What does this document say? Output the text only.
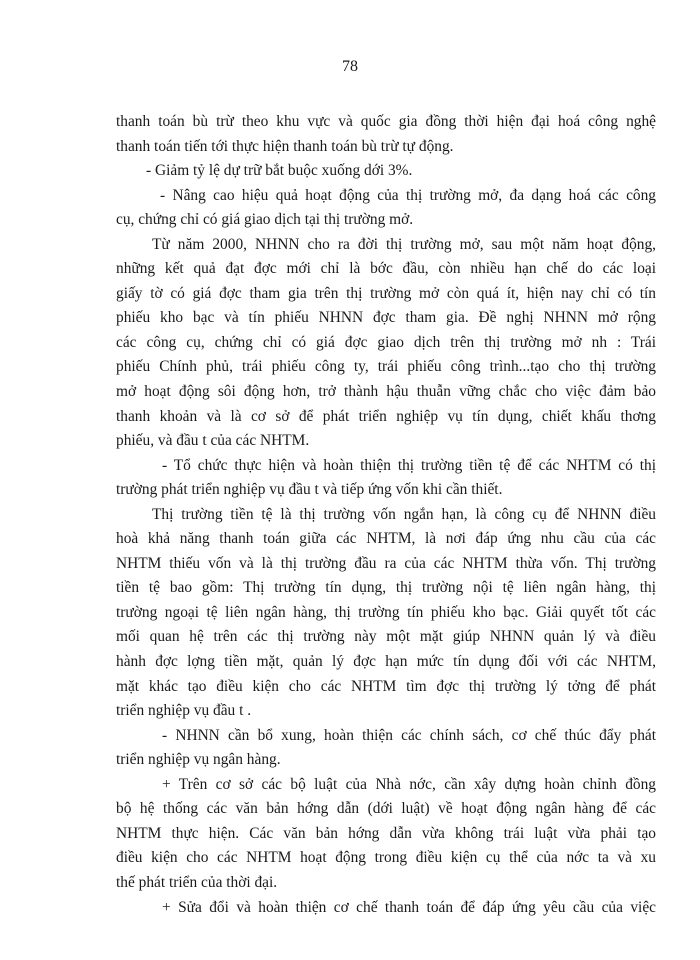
78
thanh toán bù trừ theo khu vực và quốc gia đồng thời hiện đại hoá công nghệ
thanh toán tiến tới thực hiện thanh toán bù trừ tự động.
- Giảm tỷ lệ dự trữ bắt buộc xuống dới 3%.
- Nâng cao hiệu quả hoạt động của thị trường mở, đa dạng hoá các công
cụ, chứng chỉ có giá giao dịch tại thị trường mở.
Từ năm 2000, NHNN cho ra đời thị trường mở, sau một năm hoạt động,
những kết quả đạt đợc mới chỉ là bớc đầu, còn nhiều hạn chế do các loại
giấy tờ có giá đợc tham gia trên thị trường mở còn quá ít, hiện nay chỉ có tín
phiếu kho bạc và tín phiếu NHNN đợc tham gia. Đề nghị NHNN mở rộng
các công cụ, chứng chỉ có giá đợc giao dịch trên thị trường mở nh : Trái
phiếu Chính phủ, trái phiếu công ty, trái phiếu công trình...tạo cho thị trường
mở hoạt động sôi động hơn, trở thành hậu thuẫn vững chắc cho việc đảm bảo
thanh khoản và là cơ sở để phát triển nghiệp vụ tín dụng, chiết khấu thơng
phiếu, và đầu t của các NHTM.
- Tổ chức thực hiện và hoàn thiện thị trường tiền tệ để các NHTM có thị
trường phát triển nghiệp vụ đầu t và tiếp ứng vốn khi cần thiết.
Thị trường tiền tệ là thị trường vốn ngắn hạn, là công cụ để NHNN điều
hoà khả năng thanh toán giữa các NHTM, là nơi đáp ứng nhu cầu của các
NHTM thiếu vốn và là thị trường đầu ra của các NHTM thừa vốn. Thị trường
tiền tệ bao gồm: Thị trường tín dụng, thị trường nội tệ liên ngân hàng, thị
trường ngoại tệ liên ngân hàng, thị trường tín phiếu kho bạc. Giải quyết tốt các
mối quan hệ trên các thị trường này một mặt giúp NHNN quản lý và điều
hành đợc lợng tiền mặt, quản lý đợc hạn mức tín dụng đối với các NHTM,
mặt khác tạo điều kiện cho các NHTM tìm đợc thị trường lý tởng để phát
triển nghiệp vụ đầu t .
- NHNN cần bổ xung, hoàn thiện các chính sách, cơ chế thúc đẩy phát
triển nghiệp vụ ngân hàng.
+ Trên cơ sở các bộ luật của Nhà nớc, cần xây dựng hoàn chỉnh đồng
bộ hệ thống các văn bản hớng dẫn (dới luật) về hoạt động ngân hàng để các
NHTM thực hiện. Các văn bản hớng dẫn vừa không trái luật vừa phải tạo
điều kiện cho các NHTM hoạt động trong điều kiện cụ thể của nớc ta và xu
thế phát triển của thời đại.
+ Sửa đổi và hoàn thiện cơ chế thanh toán để đáp ứng yêu cầu của việc
